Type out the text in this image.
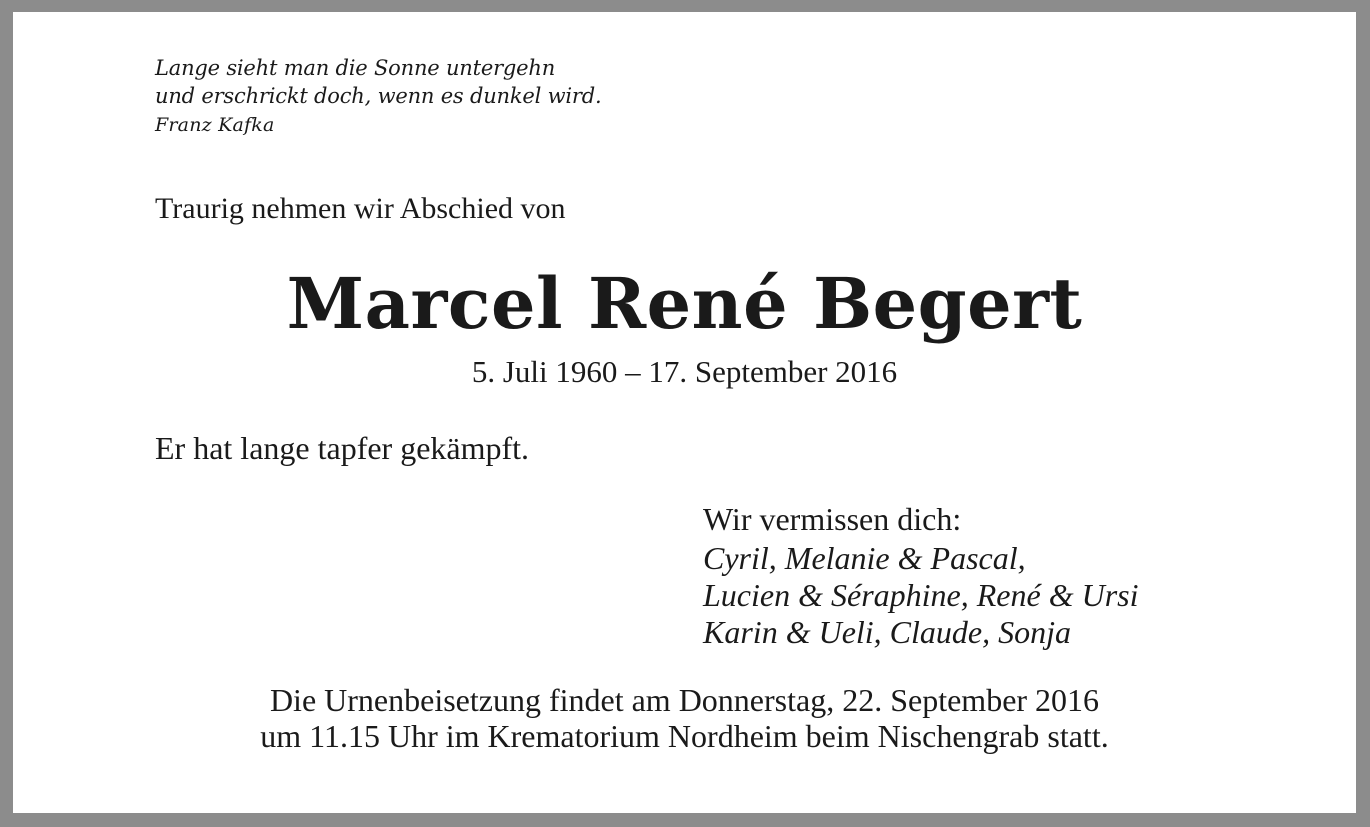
Lange sieht man die Sonne untergehn
und erschrickt doch, wenn es dunkel wird.
Franz Kafka
Traurig nehmen wir Abschied von
Marcel René Begert
5. Juli 1960 – 17. September 2016
Er hat lange tapfer gekämpft.
Wir vermissen dich:
Cyril, Melanie & Pascal,
Lucien & Séraphine, René & Ursi
Karin & Ueli, Claude, Sonja
Die Urnenbeisetzung findet am Donnerstag, 22. September 2016
um 11.15 Uhr im Krematorium Nordheim beim Nischengrab statt.
